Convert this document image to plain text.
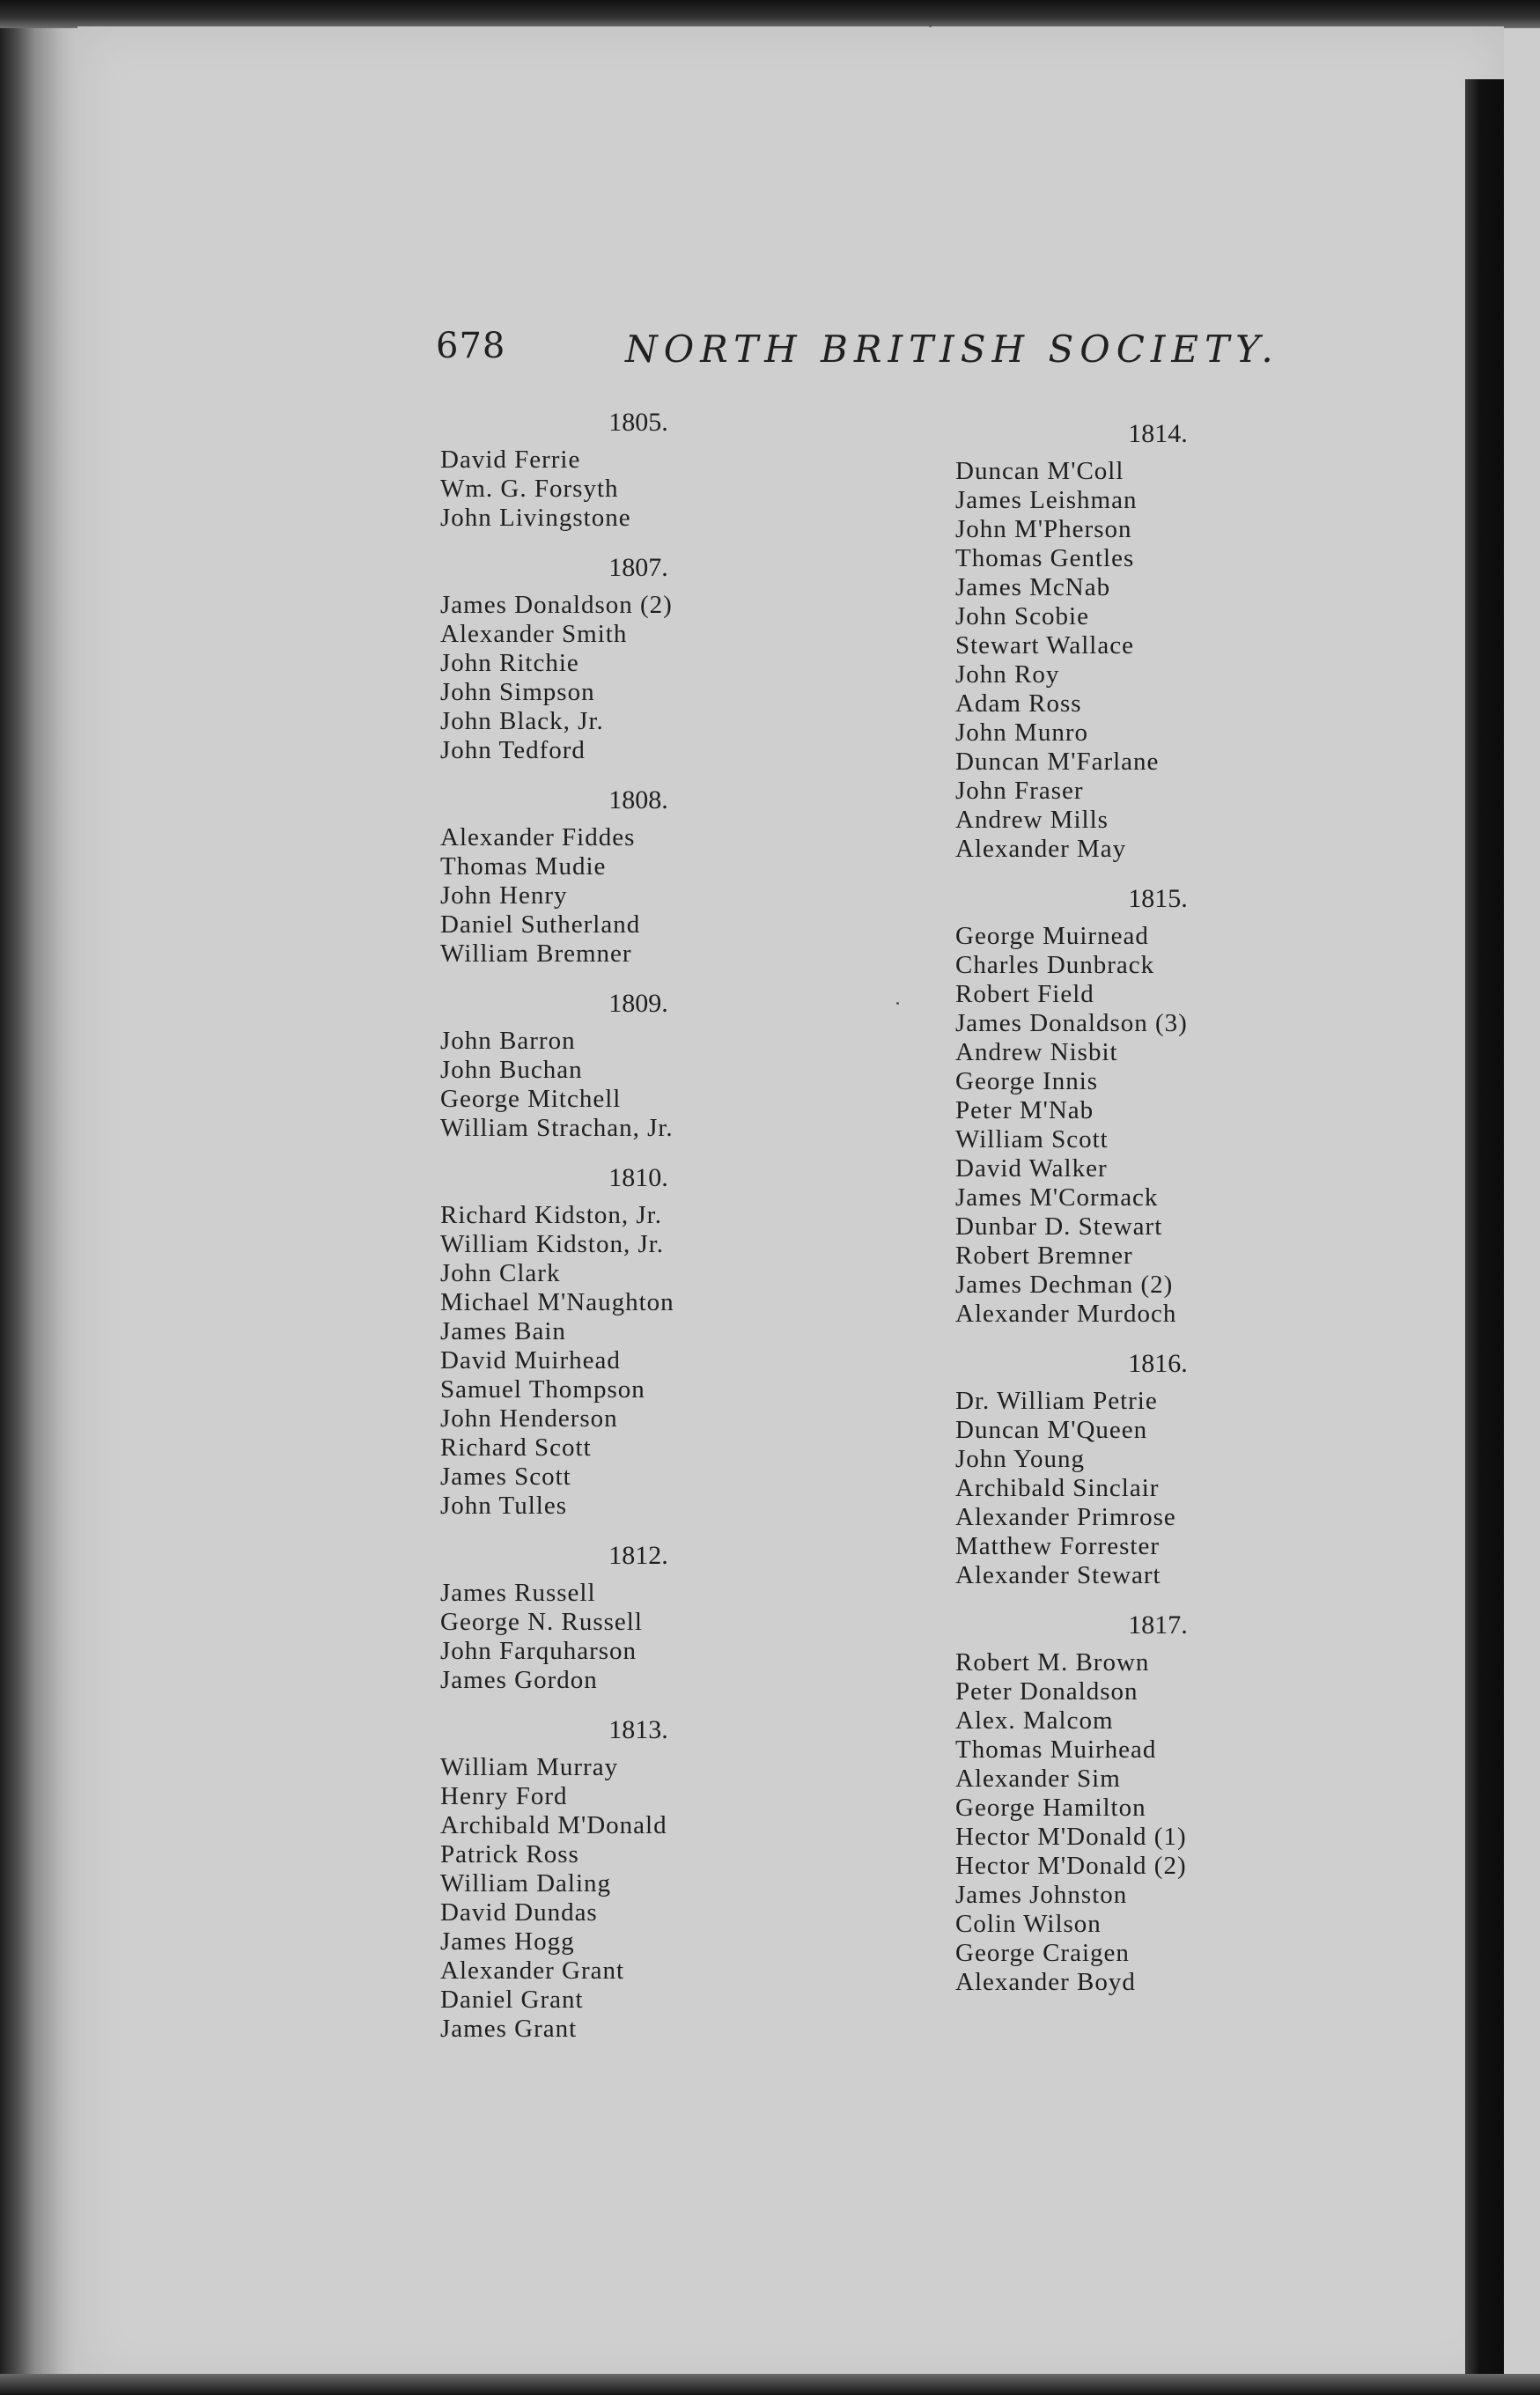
678	NORTH BRITISH SOCIETY.
1805.
David Ferrie
Wm. G. Forsyth
John Livingstone
1807.
James Donaldson (2)
Alexander Smith
John Ritchie
John Simpson
John Black, Jr.
John Tedford
1808.
Alexander Fiddes
Thomas Mudie
John Henry
Daniel Sutherland
William Bremner
1809.
John Barron
John Buchan
George Mitchell
William Strachan, Jr.
1810.
Richard Kidston, Jr.
William Kidston, Jr.
John Clark
Michael M'Naughton
James Bain
David Muirhead
Samuel Thompson
John Henderson
Richard Scott
James Scott
John Tulles
1812.
James Russell
George N. Russell
John Farquharson
James Gordon
1813.
William Murray
Henry Ford
Archibald M'Donald
Patrick Ross
William Daling
David Dundas
James Hogg
Alexander Grant
Daniel Grant
James Grant
1814.
Duncan M'Coll
James Leishman
John M'Pherson
Thomas Gentles
James McNab
John Scobie
Stewart Wallace
John Roy
Adam Ross
John Munro
Duncan M'Farlane
John Fraser
Andrew Mills
Alexander May
1815.
George Muirnead
Charles Dunbrack
Robert Field
James Donaldson (3)
Andrew Nisbit
George Innis
Peter M'Nab
William Scott
David Walker
James M'Cormack
Dunbar D. Stewart
Robert Bremner
James Dechman (2)
Alexander Murdoch
1816.
Dr. William Petrie
Duncan M'Queen
John Young
Archibald Sinclair
Alexander Primrose
Matthew Forrester
Alexander Stewart
1817.
Robert M. Brown
Peter Donaldson
Alex. Malcom
Thomas Muirhead
Alexander Sim
George Hamilton
Hector M'Donald (1)
Hector M'Donald (2)
James Johnston
Colin Wilson
George Craigen
Alexander Boyd
